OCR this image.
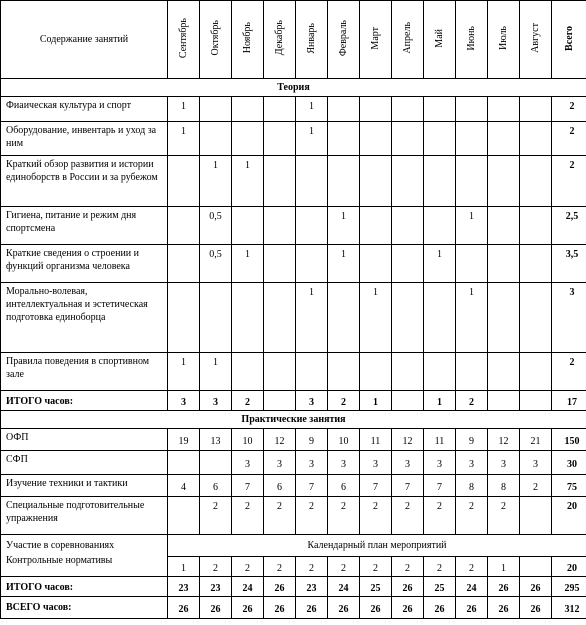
Содержание занятий	Сентябрь	Октябрь	Ноябрь	Декабрь	Январь	Февраль	Март	Апрель	Май	Июнь	Июль	Август	Всего
Теория													
Фиаическая культура и спорт	1				1								2
Оборудование, инвентарь и уход за ним	1				1								2
Краткий обзор развития и истории единоборств в России и за рубежом		1	1										2
Гигиена, питание и режим дня спортсмена		0,5				1				1			2,5
Краткие сведения о строении и функций организма человека		0,5	1			1			1				3,5
Морально-волевая, интеллектуальная и эстетическая подготовка единоборца					1		1			1			3
Правила поведения в спортивном зале	1	1											2
ИТОГО часов:	3	3	2		3	2	1		1	2			17
Практические занятия													
ОФП	19	13	10	12	9	10	11	12	11	9	12	21	150
СФП			3	3	3	3	3	3	3	3	3	3	30
Изучение техники и тактики	4	6	7	6	7	6	7	7	7	8	8	2	75
Специальные подготовительные упражнения		2	2	2	2	2	2	2	2	2	2		20

Участие в соревнованиях
Контрольные нормативы	Календарный план мероприятий												
	1	2	2	2	2	2	2	2	2	2	1		20
ИТОГО часов:	23	23	24	26	23	24	25	26	25	24	26	26	295
ВСЕГО часов:	26	26	26	26	26	26	26	26	26	26	26	26	312
